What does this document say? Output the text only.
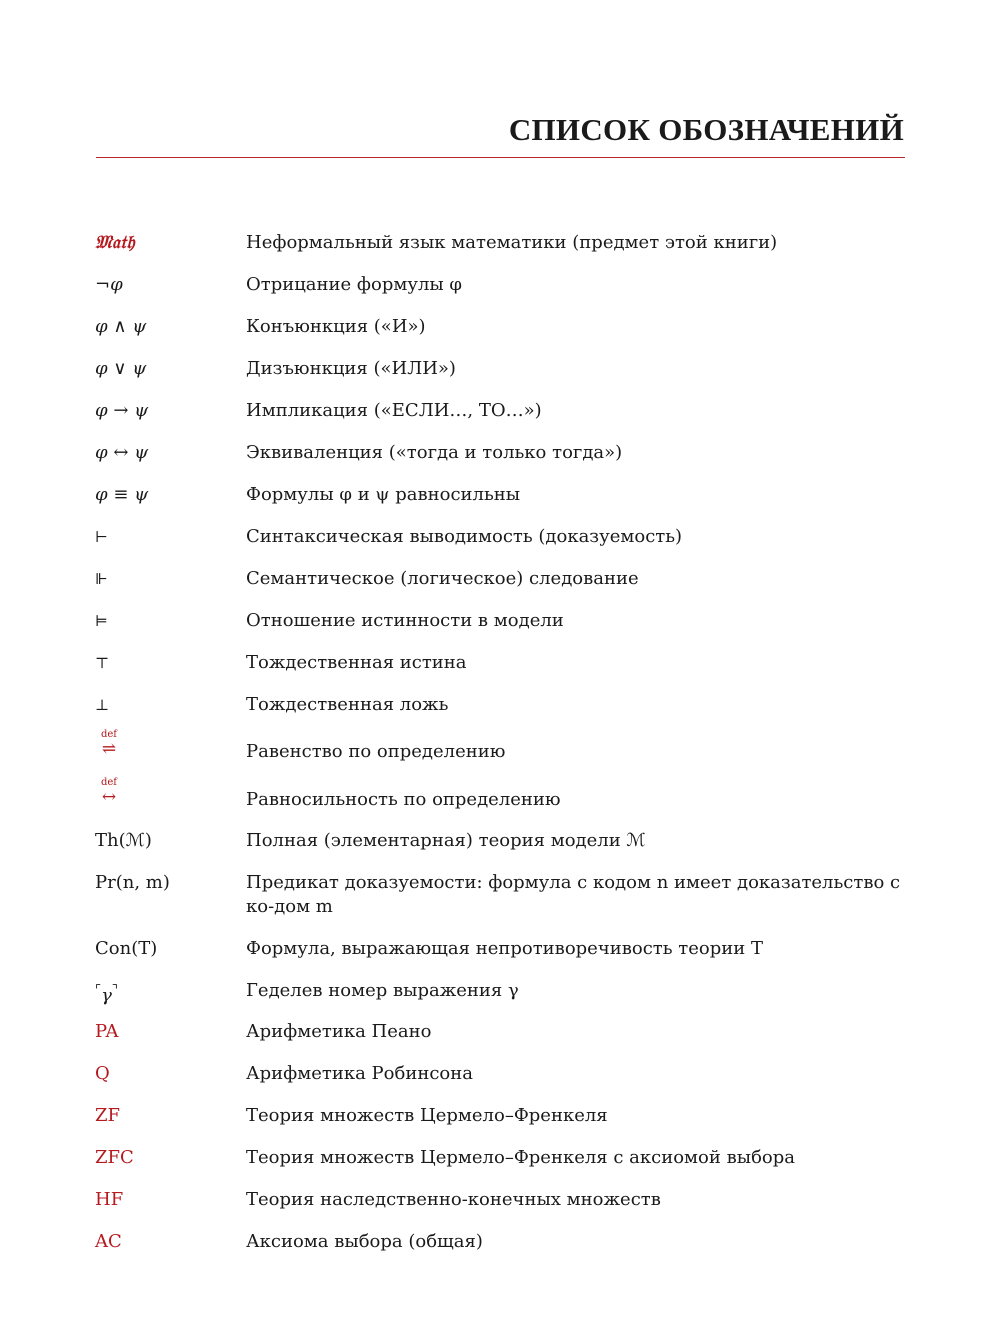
СПИСОК ОБОЗНАЧЕНИЙ
𝔐𝔞𝔱𝔥	Неформальный язык математики (предмет этой книги)
¬φ	Отрицание формулы φ
φ ∧ ψ	Конъюнкция («И»)
φ ∨ ψ	Дизъюнкция («ИЛИ»)
φ → ψ	Импликация («ЕСЛИ…, ТО…»)
φ ↔ ψ	Эквиваленция («тогда и только тогда»)
φ ≡ ψ	Формулы φ и ψ равносильны
⊢	Синтаксическая выводимость (доказуемость)
⊩	Семантическое (логическое) следование
⊨	Отношение истинности в модели
⊤	Тождественная истина
⊥	Тождественная ложь
def
⇌	Равенство по определению
def
↔	Равносильность по определению
Th(ℳ)	Полная (элементарная) теория модели ℳ
Pr(n, m)	Предикат доказуемости: формула с кодом n имеет доказательство с ко-дом m
Con(T)	Формула, выражающая непротиворечивость теории T
⌜γ⌝	Геделев номер выражения γ
PA	Арифметика Пеано
Q	Арифметика Робинсона
ZF	Теория множеств Цермело–Френкеля
ZFC	Теория множеств Цермело–Френкеля с аксиомой выбора
HF	Теория наследственно-конечных множеств
AC	Аксиома выбора (общая)
